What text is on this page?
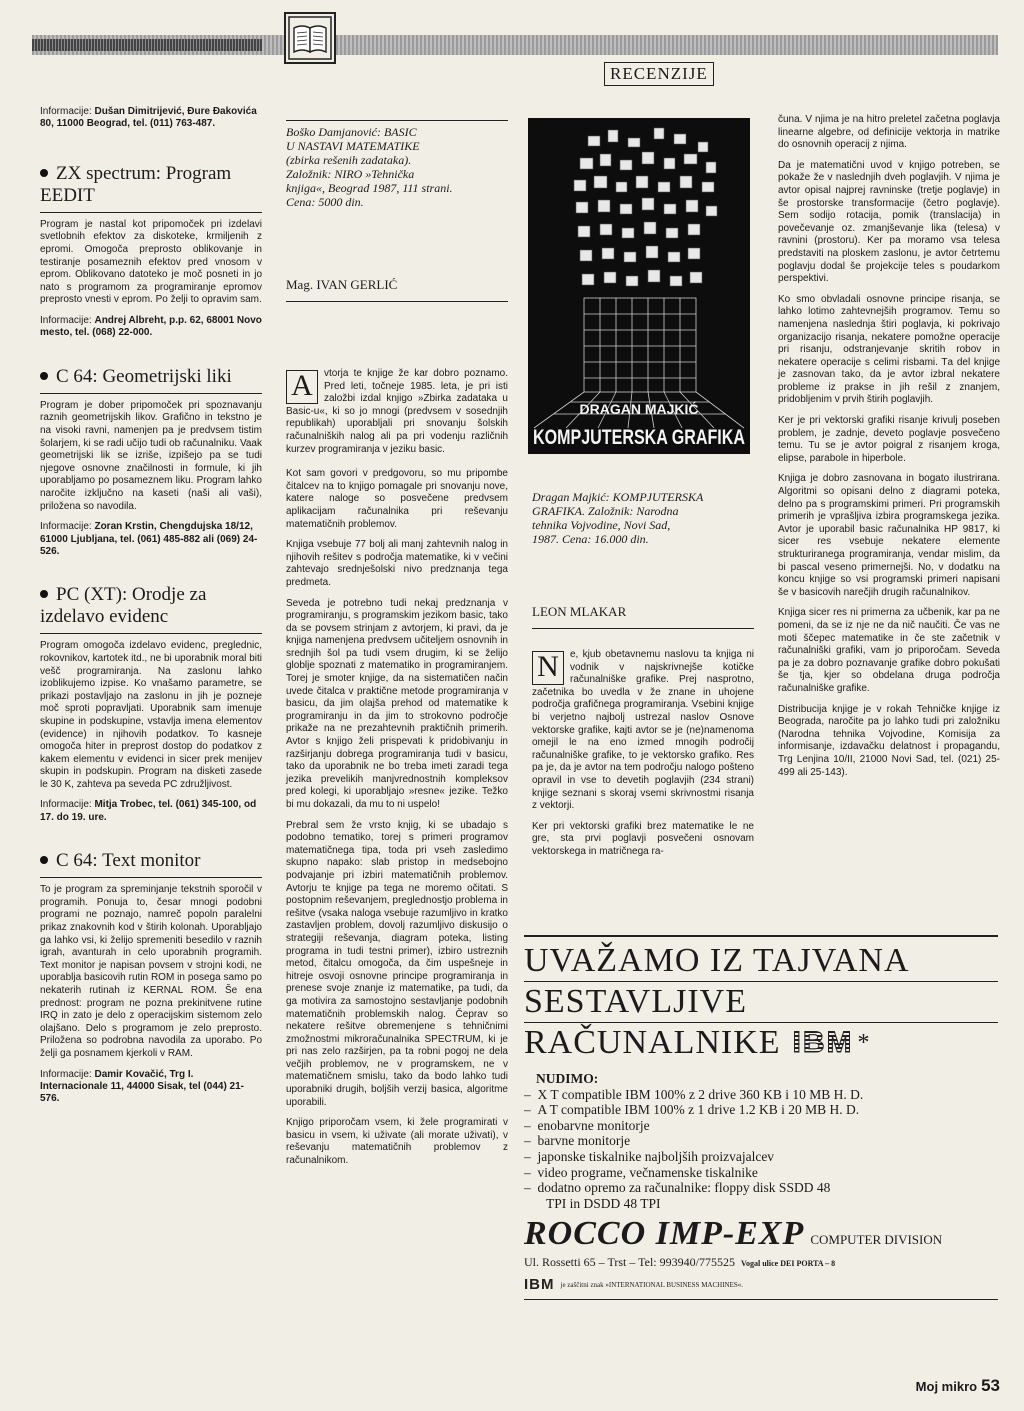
RECENZIJE

Informacije: Dušan Dimitrijević, Đure Đakovića 80, 11000 Beograd, tel. (011) 763-487.

ZX spectrum: Program EEDIT

Program je nastal kot pripomoček pri izdelavi svetlobnih efektov za diskoteke, krmiljenih z epromi. Omogoča preprosto oblikovanje in testiranje posameznih efektov pred vnosom v eprom. Oblikovano datoteko je moč posneti in jo nato s programom za programiranje epromov preprosto vnesti v eprom. Po želji to opravim sam.

Informacije: Andrej Albreht, p.p. 62, 68001 Novo mesto, tel. (068) 22-000.

C 64: Geometrijski liki

Program je dober pripomoček pri spoznavanju raznih geometrijskih likov. Grafično in tekstno je na visoki ravni, namenjen pa je predvsem tistim šolarjem, ki se radi učijo tudi ob računalniku. Vaak geometrijski lik se izriše, izpišejo pa se tudi njegove osnovne značilnosti in formule, ki jih uporabljamo po posameznem liku. Program lahko naročite izključno na kaseti (naši ali vaši), priložena so navodila.

Informacije: Zoran Krstin, Chengdujska 18/12, 61000 Ljubljana, tel. (061) 485-882 ali (069) 24-526.

PC (XT): Orodje za izdelavo evidenc

Program omogoča izdelavo evidenc, preglednic, rokovnikov, kartotek itd., ne bi uporabnik moral biti vešč programiranja. Na zaslonu lahko izoblikujemo izpise. Ko vnašamo parametre, se prikazi postavljajo na zaslonu in jih je pozneje moč sproti popravljati. Uporabnik sam imenuje skupine in podskupine, vstavlja imena elementov (evidence) in njihovih podatkov. To kasneje omogoča hiter in preprost dostop do podatkov z kakem elementu v evidenci in sicer prek menijev skupin in podskupin. Program na disketi zasede le 30 K, zahteva pa seveda PC združljivost.

Informacije: Mitja Trobec, tel. (061) 345-100, od 17. do 19. ure.

C 64: Text monitor

To je program za spreminjanje tekstnih sporočil v programih. Ponuja to, česar mnogi podobni programi ne poznajo, namreč popoln paralelni prikaz znakovnih kod v štirih kolonah. Uporabljajo ga lahko vsi, ki želijo spremeniti besedilo v raznih igrah, avanturah in celo uporabnih programih. Text monitor je napisan povsem v strojni kodi, ne uporablja basicovih rutin ROM in posega samo po nekaterih rutinah iz KERNAL ROM. Še ena prednost: program ne pozna prekinitvene rutine IRQ in zato je delo z operacijskim sistemom zelo olajšano. Delo s programom je zelo preprosto. Priložena so podrobna navodila za uporabo. Po želji ga posnamem kjerkoli v RAM.

Informacije: Damir Kovačić, Trg I. Internacionale 11, 44000 Sisak, tel (044) 21-576.

Boško Damjanović: BASIC
U NASTAVI MATEMATIKE
(zbirka rešenih zadataka).
Založnik: NIRO »Tehnička
knjiga«, Beograd 1987, 111 strani.
Cena: 5000 din.
Mag. IVAN GERLIĆ
A	vtorja te knjige že kar dobro poznamo. Pred leti, točneje 1985. leta, je pri isti založbi izdal knjigo »Zbirka zadataka u Basic-u«, ki so jo mnogi (predvsem v sosednjih republikah) uporabljali pri snovanju šolskih računalniških nalog ali pa pri vodenju različnih kurzev programiranja v jeziku basic.

Kot sam govori v predgovoru, so mu pripombe čitalcev na to knjigo pomagale pri snovanju nove, katere naloge so posvečene predvsem aplikacijam računalnika pri reševanju matematičnih problemov.

Knjiga vsebuje 77 bolj ali manj zahtevnih nalog in njihovih rešitev s področja matematike, ki v večini zahtevajo srednješolski nivo predznanja tega predmeta.

Seveda je potrebno tudi nekaj predznanja v programiranju, s programskim jezikom basic, tako da se povsem strinjam z avtorjem, ki pravi, da je knjiga namenjena predvsem učiteljem osnovnih in srednjih šol pa tudi vsem drugim, ki se želijo globlje spoznati z matematiko in programiranjem. Toreј je smoter knjige, da na sistematičen način uvede čitalca v praktične metode programiranja v basicu, da jim olajša prehod od matematike k programiranju in da jim to strokovno področje prikaže na ne prezahtevnih praktičnih primerih. Avtor s knjigo želi prispevati k pridobivanju in razširjanju dobrega programiranja tudi v basicu, tako da uporabnik ne bo trebа imeti zaradi tega jezika prevelikih manjvrednostnih kompleksov pred kolegi, ki uporabljajo »resne« jezike. Težko bi mu dokazali, da mu to ni uspelo!

Prebral sem že vrsto knjig, ki se ubadajo s podobno tematiko, torej s primeri programov matematičnega tipa, toda pri vseh zasledimo skupno napako: slab pristop in medsebojno podvajanje pri izbiri matematičnih problemov. Avtorju te knjige pa tega ne moremo očitati. S postopnim reševanjem, preglednostjo problema in rešitve (vsaka naloga vsebuje razumljivo in kratko zastavljen problem, dovolj razumljivo diskusijo o strategiji reševanja, diagram poteka, listing programa in tudi testni primer), izbiro ustreznih metod, čitalcu omogoča, da čim uspešneje in hitreje osvoji osnovne principe programiranja in prenese svoje znanje iz matematike, pa tudi, da ga motivira za samostojno sestavljanje podobnih matematičnih problemskih nalog. Čeprav so nekatere rešitve obremenjene s tehničnimi zmožnostmi mikroračunalnika SPECTRUM, ki je pri nas zelo razširjen, pa ta robni pogoj ne dela večjih problemov, ne v programskem, ne v matematičnem smislu, tako da bodo lahko tudi uporabniki drugih, boljših verzij basica, algoritme uporabili.

Knjigo priporočam vsem, ki želе programirati v basicu in vsem, ki uživate (ali morate uživati), v reševanju matematičnih problemov z računalnikom.

DRAGAN MAJKIĆ
KOMPJUTERSKA GRAFIKA
Dragan Majkić: KOMPJUTERSKA
GRAFIKA. Založnik: Narodna
tehnika Vojvodine, Novi Sad,
1987. Cena: 16.000 din.
LEON MLAKAR
N	e, kjub obetavnemu naslovu ta knjiga ni vodnik v najskrivnejše kotičke računalniške grafike. Prej nasprotno, začetnika bo uvedla v že znane in uhojene področja grafičnega programiranja. Vsebini knjige bi verjetno najbolj ustrezal naslov Osnove vektorske grafike, kajti avtor se je (ne)namenoma omejil le na eno izmed mnogih področij računalniške grafike, to je vektorsko grafiko. Res pa je, da je avtor na tem področju nalogo pošteno opravil in vse to devetih poglavjih (234 strani) knjige seznani s skoraj vsemi skrivnostmi risanja z vektorji.

Ker pri vektorski grafiki brez matematike le ne gre, sta prvi poglavji posvečeni osnovam vektorskega in matričnega ra-

čuna. V njima je na hitro preletel začetna poglavja linearne algebre, od definicije vektorja in matrike do osnovnih operacij z njima.

Da je matematični uvod v knjigo potreben, se pokaže že v naslednjih dveh poglavjih. V njima je avtor opisal najprej ravninske (tretje poglavje) in še prostorske transformacije (četro poglavje). Sem sodijo rotacija, pomik (translacija) in povečevanje oz. zmanjševanje lika (telesa) v ravnini (prostoru). Ker pa moramo vsa telesa predstaviti na ploskem zaslonu, je avtor četrtemu poglavju dodal še projekcije teles s poudarkom perspektivi.

Ko smo obvladali osnovne principe risanja, se lahko lotimo zahtevnejših programov. Temu so namenjena naslednja štiri poglavja, ki pokrivajo organizacijo risanja, nekatere pomožne operacije pri risanju, odstranjevanje skritih robov in nekatere operacije s celimi risbami. Tа del knjige je zasnovan tako, da je avtor izbral nekatere probleme iz prakse in jih rešil z znanjem, pridobljenim v prvih štirih poglavjih.

Ker je pri vektorski grafiki risanje krivulj poseben problem, je zadnje, deveto poglavje posvečeno temu. Tu se je avtor poigral z risanjem kroga, elipse, parabole in hiperbole.

Knjiga je dobro zasnovana in bogato ilustrirana. Algoritmi so opisani delno z diagrami poteka, delno pa s programskimi primeri. Pri programskih primerih je vprašljiva izbira programskega jezika. Avtor je uporabil basic računalnika HP 9817, ki sicer res vsebuje nekatere elemente strukturiranega programiranja, vendar mislim, da bi pascal veseno primernejši. No, v dodatku na koncu knjige so vsi programski primeri napisani še v basicovih narečjih drugih računalnikov.

Knjiga sicer res ni primerna za učbenik, kar pa ne pomeni, da se iz nje ne da nič naučiti. Če vas ne moti ščepec matematike in če ste začetnik v računalniški grafiki, vam jo priporočam. Seveda pa je za dobro poznavanje grafike dobro pokušati še tja, kjer so obdelana druga področja računalniške grafike.

Distribucija knjige je v rokah Tehničke knjige iz Beograda, naročite pa jo lahko tudi pri založniku (Narodna tehnika Vojvodine, Komisija za informisanje, izdavačku delatnost i propagandu, Trg Lenjina 10/II, 21000 Novi Sad, tel. (021) 25-499 ali 25-143).

UVAŽAMO IZ TAJVANA
SESTAVLJIVE
RAČUNALNIKE IBM *
NUDIMO:
–  X T compatible IBM 100% z 2 drive 360 KB i 10 MB H. D.
–  A T compatible IBM 100% z 1 drive 1.2 KB i 20 MB H. D.
–  enobarvne monitorje
–  barvne monitorje
–  japonske tiskalnike najboljših proizvajalcev
–  video programe, večnamenske tiskalnike
–  dodatno opremo za računalnike: floppy disk SSDD 48
TPI in DSDD 48 TPI
ROCCO IMP-EXP COMPUTER DIVISION
Ul. Rossetti 65 – Trst – Tel: 993940/775525 Vogal ulice DEI PORTA – 8
IBM je zaščitni znak »INTERNATIONAL BUSINESS MACHINES«.
Moj mikro 53
